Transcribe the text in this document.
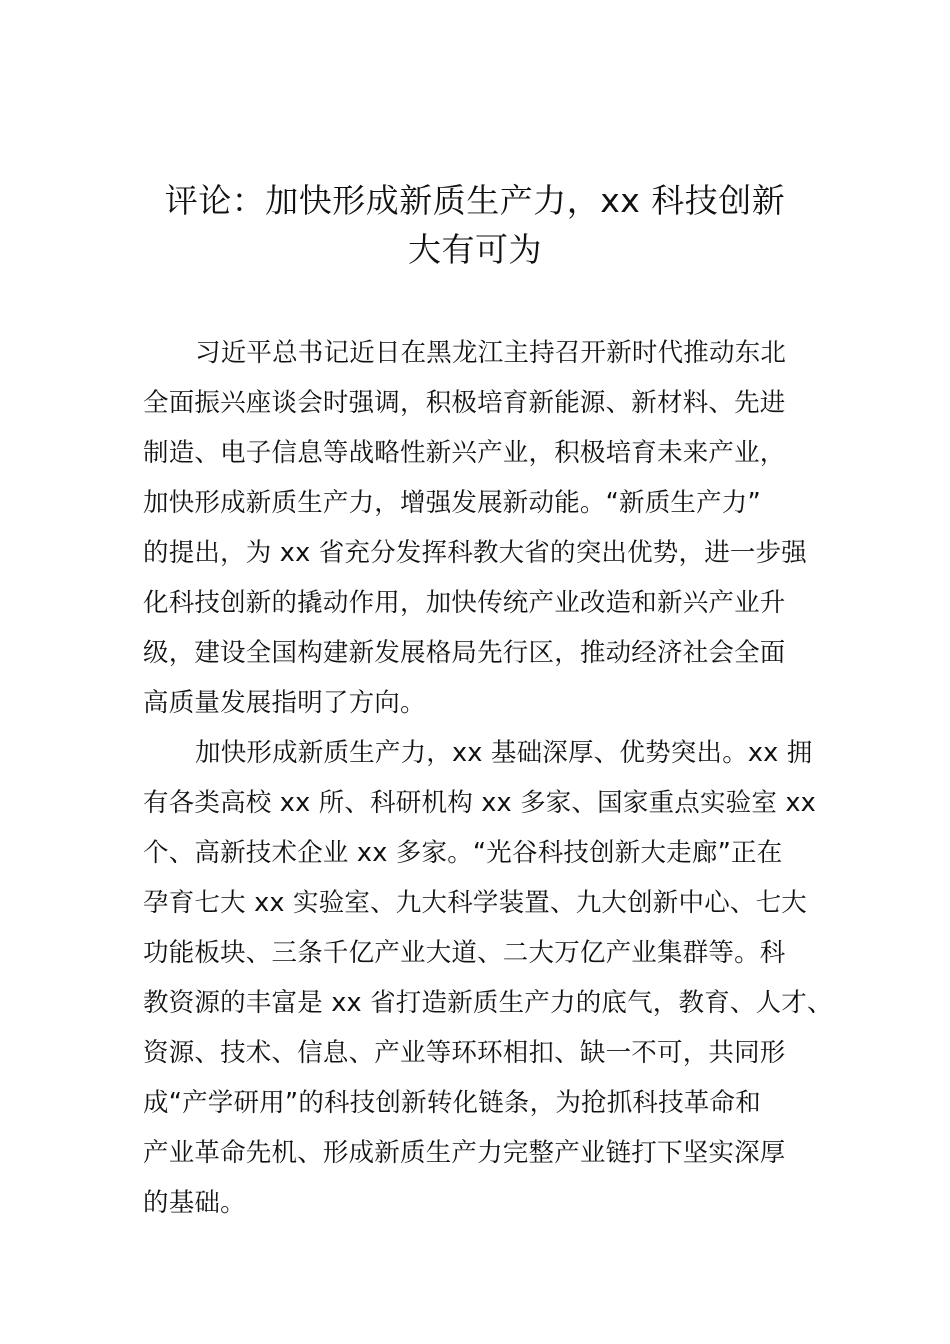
评论：加快形成新质生产力，xx 科技创新
大有可为
习近平总书记近日在黑龙江主持召开新时代推动东北
全面振兴座谈会时强调，积极培育新能源、新材料、先进
制造、电子信息等战略性新兴产业，积极培育未来产业，
加快形成新质生产力，增强发展新动能。“新质生产力”
的提出，为 xx 省充分发挥科教大省的突出优势，进一步强
化科技创新的撬动作用，加快传统产业改造和新兴产业升
级，建设全国构建新发展格局先行区，推动经济社会全面
高质量发展指明了方向。
加快形成新质生产力，xx 基础深厚、优势突出。xx 拥
有各类高校 xx 所、科研机构 xx 多家、国家重点实验室 xx
个、高新技术企业 xx 多家。“光谷科技创新大走廊”正在
孕育七大 xx 实验室、九大科学装置、九大创新中心、七大
功能板块、三条千亿产业大道、二大万亿产业集群等。科
教资源的丰富是 xx 省打造新质生产力的底气，教育、人才、
资源、技术、信息、产业等环环相扣、缺一不可，共同形
成“产学研用”的科技创新转化链条，为抢抓科技革命和
产业革命先机、形成新质生产力完整产业链打下坚实深厚
的基础。
